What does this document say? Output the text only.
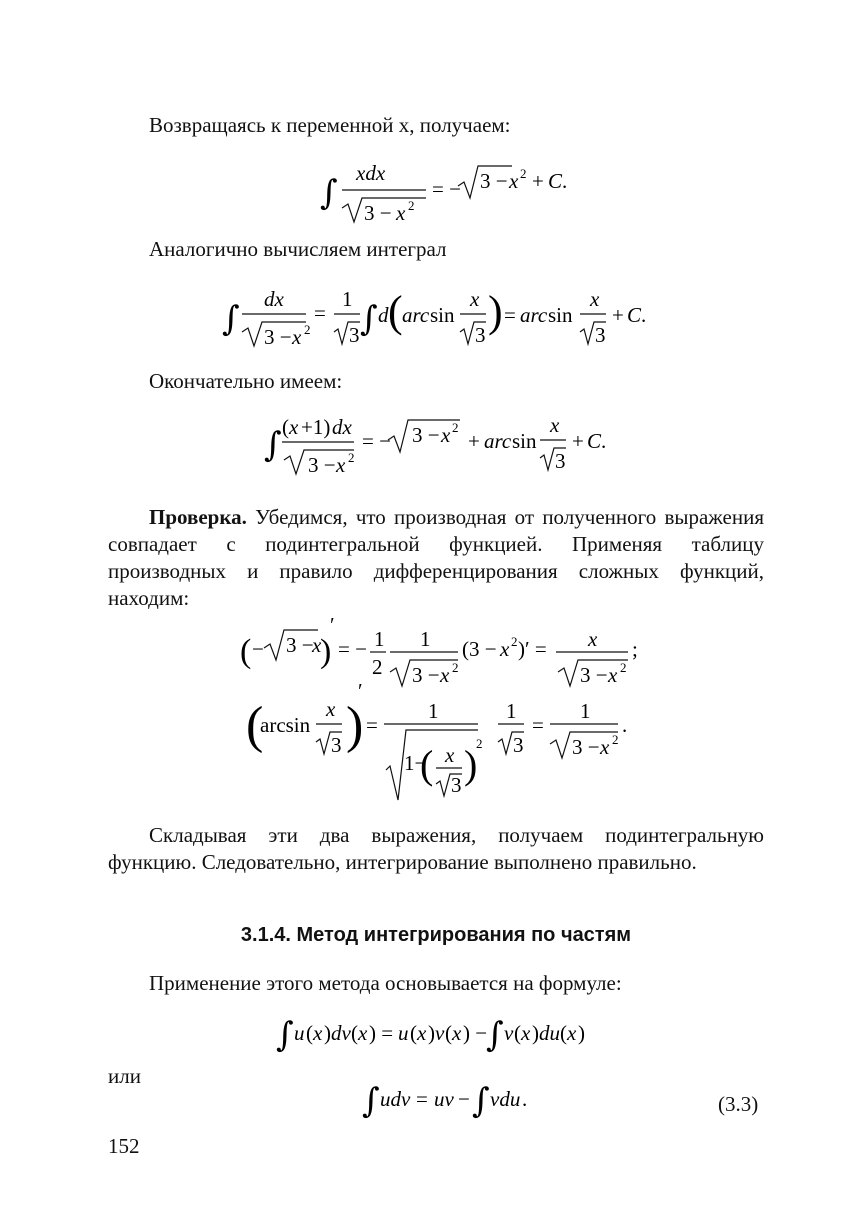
Возвращаясь к переменной x, получаем:

∫ xdx
3 − x 2
= − 3 − x 2 + C .

Аналогично вычисляем интеграл

∫ dx
3 − x 2
=
1
3 ∫ d ( arc sin
x
3 ) = arc sin
x
3
+ C .

Окончательно имеем:

∫ ( x +1) dx
3 − x 2
= − 3 − x 2
+ arc sin
x
3
+ C .

Проверка. Убедимся, что производная от полученного выражения совпадает с подинтегральной функцией. Применяя таблицу производных и правило дифференцирования сложных функций, находим:

( − 3 −
x
)
′
= − 1
2
1
3 − x 2
(3 − x 2 )′ = x
3 − x 2
;
(
arcsin
x
3 )
′
=
1
1−
( x
3 )
2
1
3
=
1
3 − x 2
.

Складывая эти два выражения, получаем подинтегральную функцию. Следовательно, интегрирование выполнено правильно.

3.1.4. Метод интегрирования по частям

Применение этого метода основывается на формуле:

∫ u ( x ) dv ( x ) = u ( x ) v ( x ) −
∫ v ( x ) du ( x )
или
∫ udv = uv − ∫ vdu .	(3.3)
152
